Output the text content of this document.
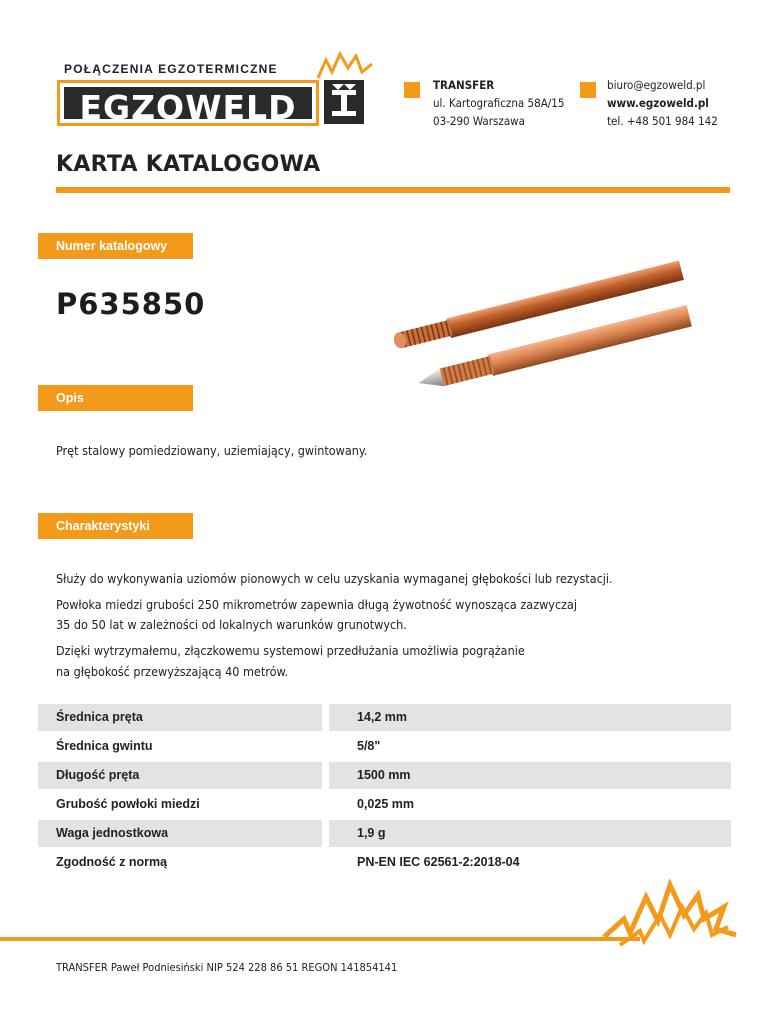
POŁĄCZENIA EGZOTERMICZNE
EGZOWELD	®
TRANSFER
ul. Kartograficzna 58A/15
03-290 Warszawa
biuro@egzoweld.pl
www.egzoweld.pl
tel. +48 501 984 142
KARTA KATALOGOWA
Numer katalogowy
P635850
Opis
Pręt stalowy pomiedziowany, uziemiający, gwintowany.
Charakterystyki
Służy do wykonywania uziomów pionowych w celu uzyskania wymaganej głębokości lub rezystacji.
Powłoka miedzi grubości 250 mikrometrów zapewnia długą żywotność wynosząca zazwyczaj
35 do 50 lat w zależności od lokalnych warunków grunotwych.
Dzięki wytrzymałemu, złączkowemu systemowi przedłużania umożliwia pogrążanie
na głębokość przewyższającą 40 metrów.
Średnica pręta	14,2 mm
Średnica gwintu	5/8"
Długość pręta	1500 mm
Grubość powłoki miedzi	0,025 mm
Waga jednostkowa	1,9 g
Zgodność z normą	PN-EN IEC 62561-2:2018-04
TRANSFER Paweł Podniesiński NIP 524 228 86 51 REGON 141854141
